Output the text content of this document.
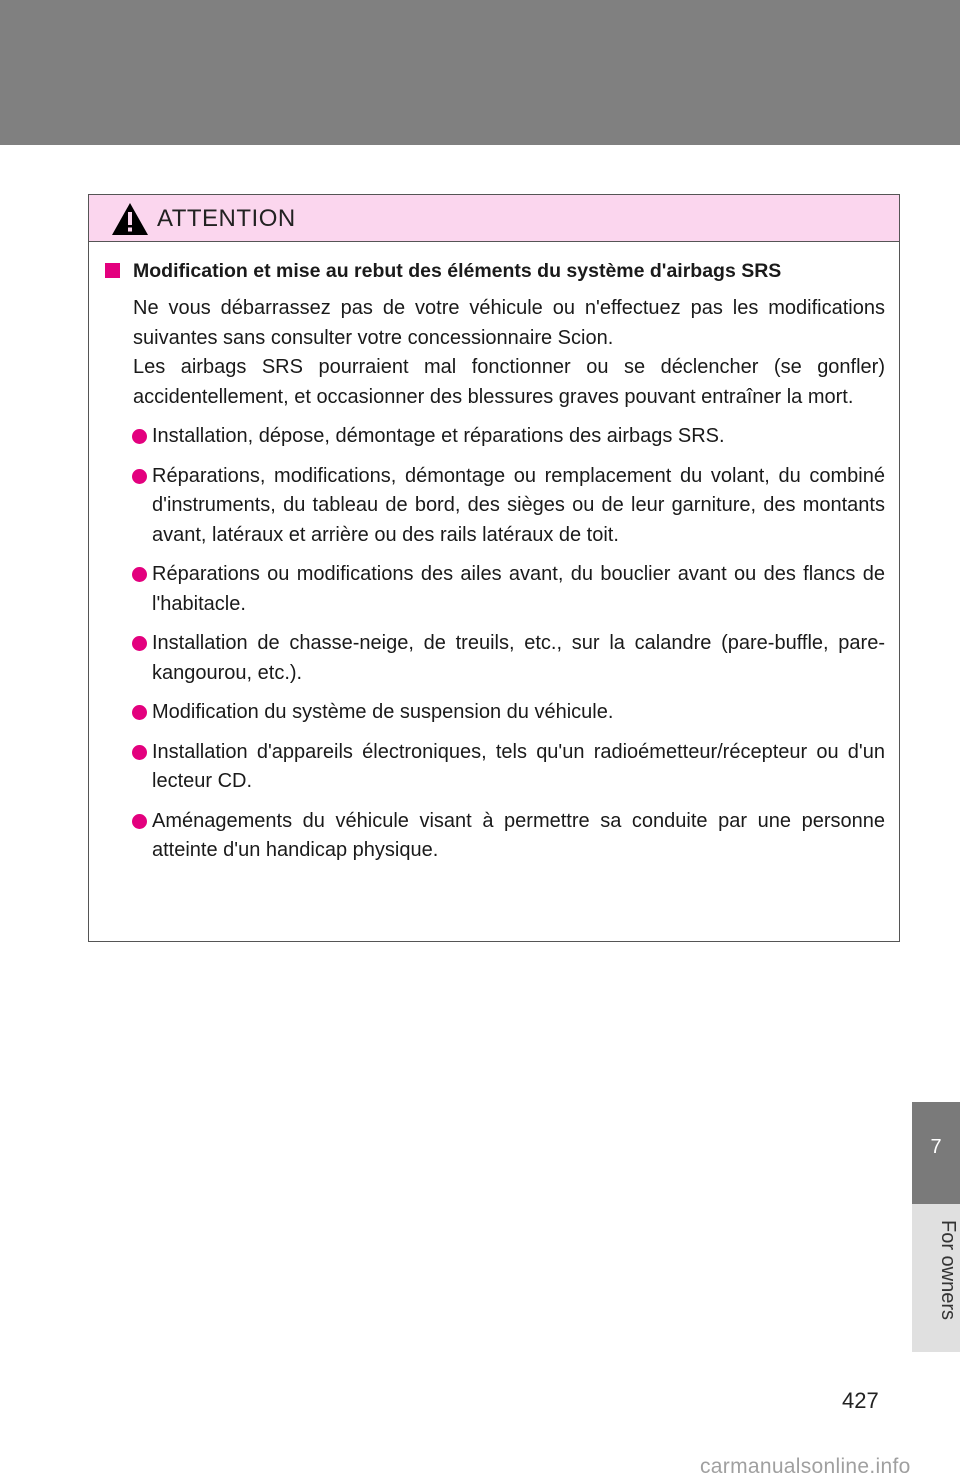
ATTENTION
Modification et mise au rebut des éléments du système d'airbags SRS

Ne vous débarrassez pas de votre véhicule ou n'effectuez pas les modifications suivantes sans consulter votre concessionnaire Scion.

Les airbags SRS pourraient mal fonctionner ou se déclencher (se gonfler) accidentellement, et occasionner des blessures graves pouvant entraîner la mort.

Installation, dépose, démontage et réparations des airbags SRS.
Réparations, modifications, démontage ou remplacement du volant, du combiné d'instruments, du tableau de bord, des sièges ou de leur garniture, des montants avant, latéraux et arrière ou des rails latéraux de toit.
Réparations ou modifications des ailes avant, du bouclier avant ou des flancs de l'habitacle.
Installation de chasse-neige, de treuils, etc., sur la calandre (pare-buffle, pare-kangourou, etc.).
Modification du système de suspension du véhicule.
Installation d'appareils électroniques, tels qu'un radioémetteur/récepteur ou d'un lecteur CD.
Aménagements du véhicule visant à permettre sa conduite par une personne atteinte d'un handicap physique.
7
For owners
427
carmanualsonline.info
